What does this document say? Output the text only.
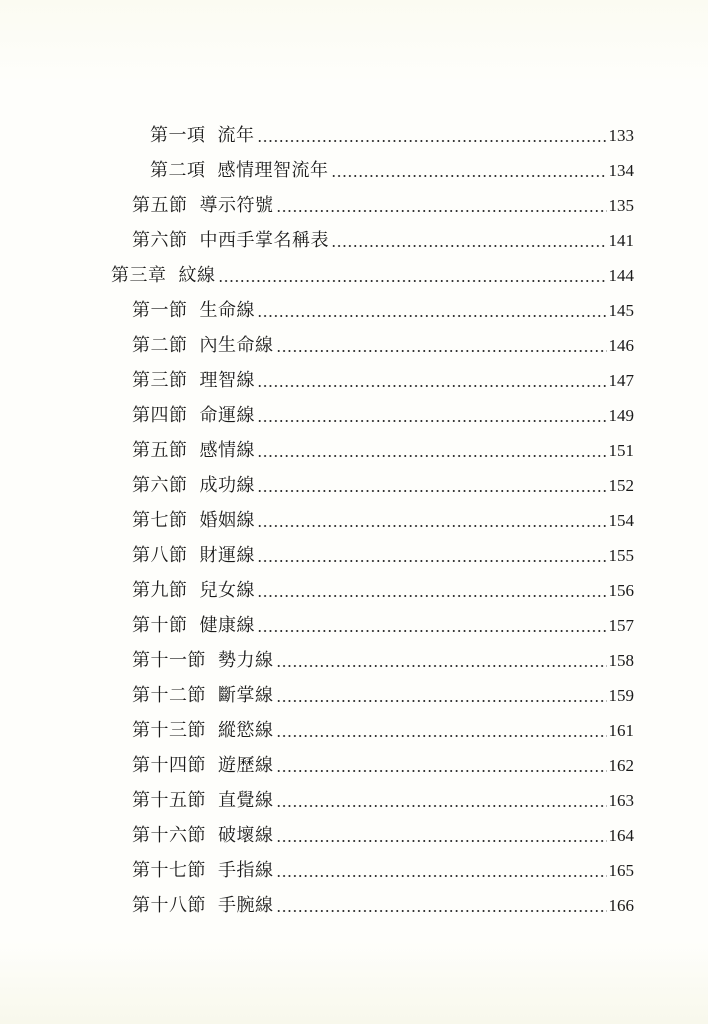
第一項 流年	133
第二項 感情理智流年	134
第五節 導示符號	135
第六節 中西手掌名稱表	141
第三章 紋線	144
第一節 生命線	145
第二節 內生命線	146
第三節 理智線	147
第四節 命運線	149
第五節 感情線	151
第六節 成功線	152
第七節 婚姻線	154
第八節 財運線	155
第九節 兒女線	156
第十節 健康線	157
第十一節 勢力線	158
第十二節 斷掌線	159
第十三節 縱慾線	161
第十四節 遊歷線	162
第十五節 直覺線	163
第十六節 破壞線	164
第十七節 手指線	165
第十八節 手腕線	166
